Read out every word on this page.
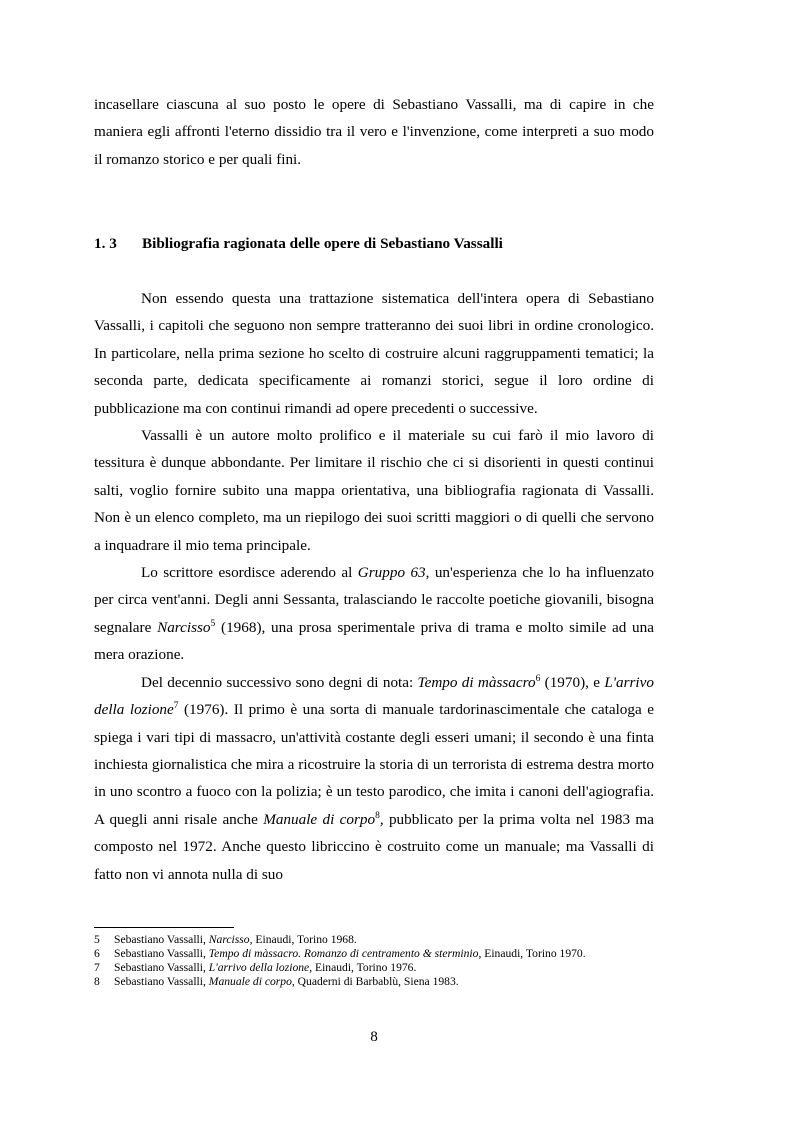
incasellare ciascuna al suo posto le opere di Sebastiano Vassalli, ma di capire in che maniera egli affronti l'eterno dissidio tra il vero e l'invenzione, come interpreti a suo modo il romanzo storico e per quali fini.

1. 3 Bibliografia ragionata delle opere di Sebastiano Vassalli

Non essendo questa una trattazione sistematica dell'intera opera di Sebastiano Vassalli, i capitoli che seguono non sempre tratteranno dei suoi libri in ordine cronologico. In particolare, nella prima sezione ho scelto di costruire alcuni raggruppamenti tematici; la seconda parte, dedicata specificamente ai romanzi storici, segue il loro ordine di pubblicazione ma con continui rimandi ad opere precedenti o successive.

Vassalli è un autore molto prolifico e il materiale su cui farò il mio lavoro di tessitura è dunque abbondante. Per limitare il rischio che ci si disorienti in questi continui salti, voglio fornire subito una mappa orientativa, una bibliografia ragionata di Vassalli. Non è un elenco completo, ma un riepilogo dei suoi scritti maggiori o di quelli che servono a inquadrare il mio tema principale.

Lo scrittore esordisce aderendo al Gruppo 63, un'esperienza che lo ha influenzato per circa vent'anni. Degli anni Sessanta, tralasciando le raccolte poetiche giovanili, bisogna segnalare Narcisso$^5$ (1968), una prosa sperimentale priva di trama e molto simile ad una mera orazione.

Del decennio successivo sono degni di nota: Tempo di màssacro$^6$ (1970), e L'arrivo della lozione$^7$ (1976). Il primo è una sorta di manuale tardorinascimentale che cataloga e spiega i vari tipi di massacro, un'attività costante degli esseri umani; il secondo è una finta inchiesta giornalistica che mira a ricostruire la storia di un terrorista di estrema destra morto in uno scontro a fuoco con la polizia; è un testo parodico, che imita i canoni dell'agiografia. A quegli anni risale anche Manuale di corpo$^8$, pubblicato per la prima volta nel 1983 ma composto nel 1972. Anche questo libriccino è costruito come un manuale; ma Vassalli di fatto non vi annota nulla di suo

5	Sebastiano Vassalli, Narcisso, Einaudi, Torino 1968.
6	Sebastiano Vassalli, Tempo di màssacro. Romanzo di centramento & sterminio, Einaudi, Torino 1970.
7	Sebastiano Vassalli, L'arrivo della lozione, Einaudi, Torino 1976.
8	Sebastiano Vassalli, Manuale di corpo, Quaderni di Barbablù, Siena 1983.
8
